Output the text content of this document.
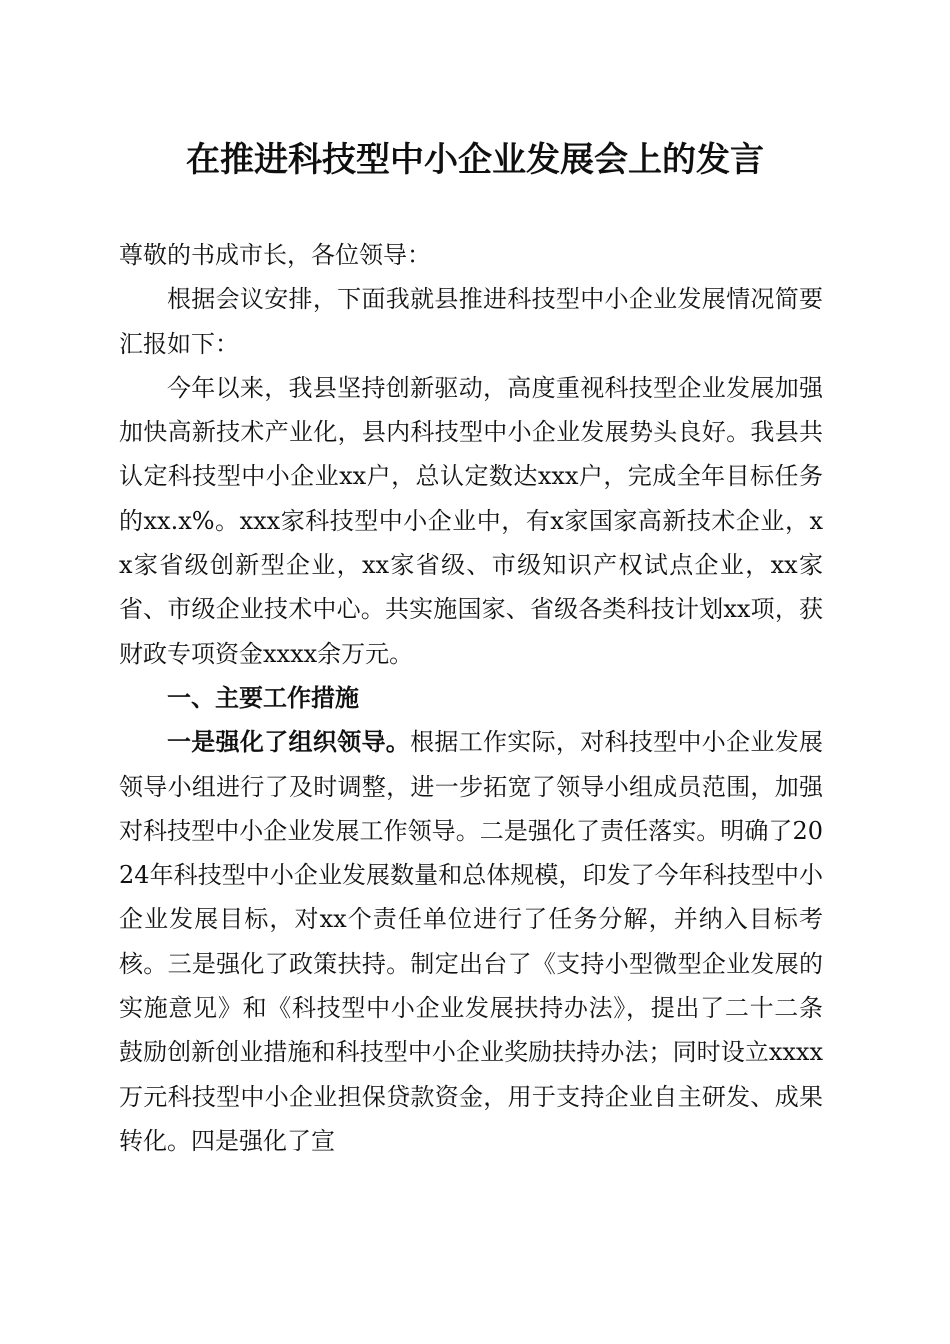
在推进科技型中小企业发展会上的发言

尊敬的书成市长，各位领导：

根据会议安排，下面我就县推进科技型中小企业发展情况简要汇报如下：

今年以来，我县坚持创新驱动，高度重视科技型企业发展加强加快高新技术产业化，县内科技型中小企业发展势头良好。我县共认定科技型中小企业xx户，总认定数达xxx户，完成全年目标任务的xx.x%。xxx家科技型中小企业中，有x家国家高新技术企业，xx家省级创新型企业，xx家省级、市级知识产权试点企业，xx家省、市级企业技术中心。共实施国家、省级各类科技计划xx项，获财政专项资金xxxx余万元。

一、主要工作措施

一是强化了组织领导。根据工作实际，对科技型中小企业发展领导小组进行了及时调整，进一步拓宽了领导小组成员范围，加强对科技型中小企业发展工作领导。二是强化了责任落实。明确了2024年科技型中小企业发展数量和总体规模，印发了今年科技型中小企业发展目标，对xx个责任单位进行了任务分解，并纳入目标考核。三是强化了政策扶持。制定出台了《支持小型微型企业发展的实施意见》和《科技型中小企业发展扶持办法》，提出了二十二条鼓励创新创业措施和科技型中小企业奖励扶持办法；同时设立xxxx万元科技型中小企业担保贷款资金，用于支持企业自主研发、成果转化。四是强化了宣
